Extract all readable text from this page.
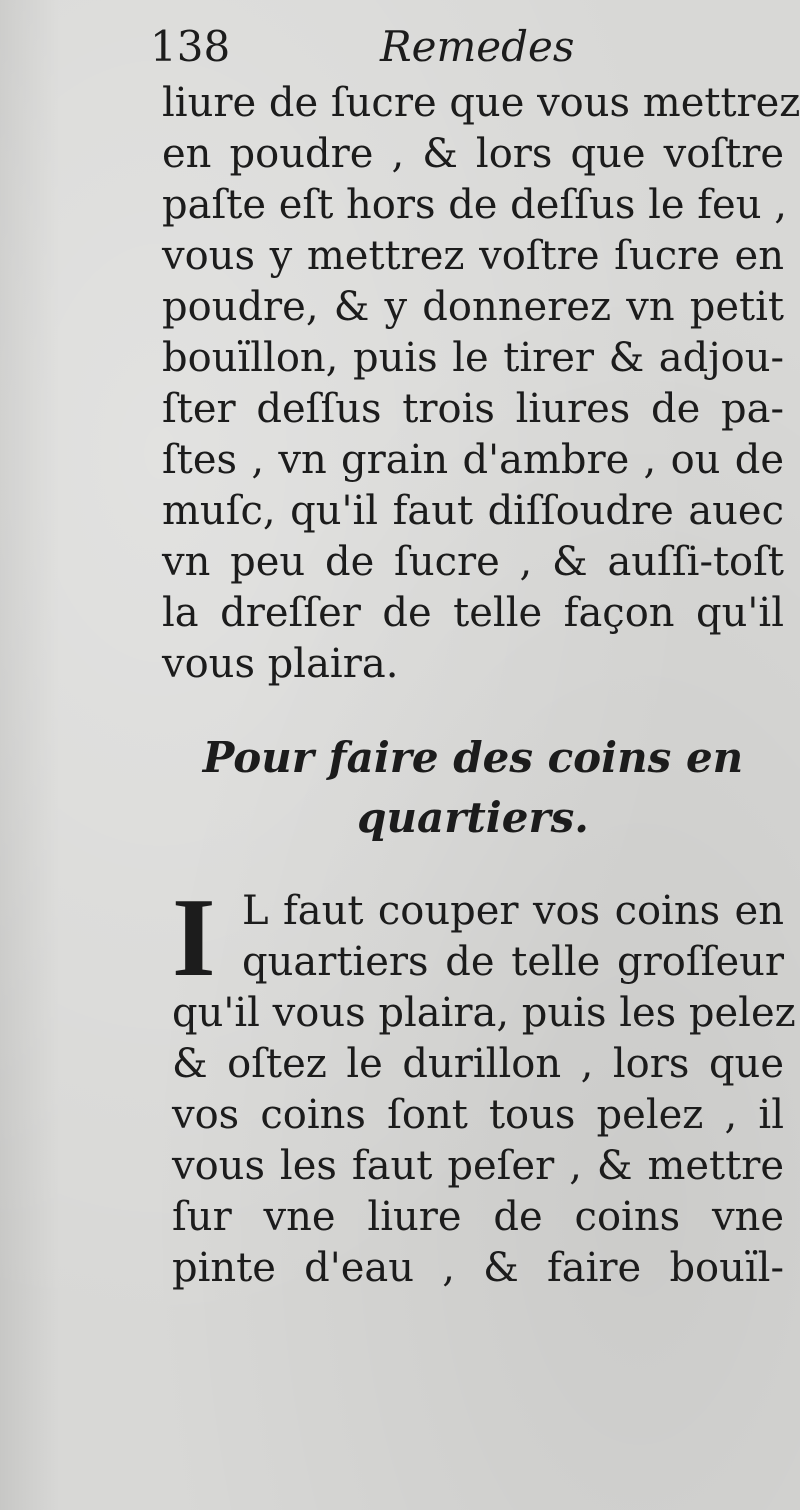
138	Remedes
liure de ſucre que vous mettrez
en poudre , & lors que voſtre
paſte eſt hors de deſſus le feu ,
vous y mettrez voſtre ſucre en
poudre, & y donnerez vn petit
bouïllon, puis le tirer & adjou-
ſter deſſus trois liures de pa-
ſtes , vn grain d'ambre , ou de
muſc, qu'il faut diſſoudre auec
vn peu de ſucre , & auſſi-toſt
la dreſſer de telle façon qu'il
vous plaira.
Pour faire des coins en
quartiers.
I L faut couper vos coins en
quartiers de telle groſſeur
qu'il vous plaira, puis les pelez
& oſtez le durillon , lors que
vos coins ſont tous pelez , il
vous les faut peſer , & mettre
ſur vne liure de coins vne
pinte d'eau , & faire bouïl-
